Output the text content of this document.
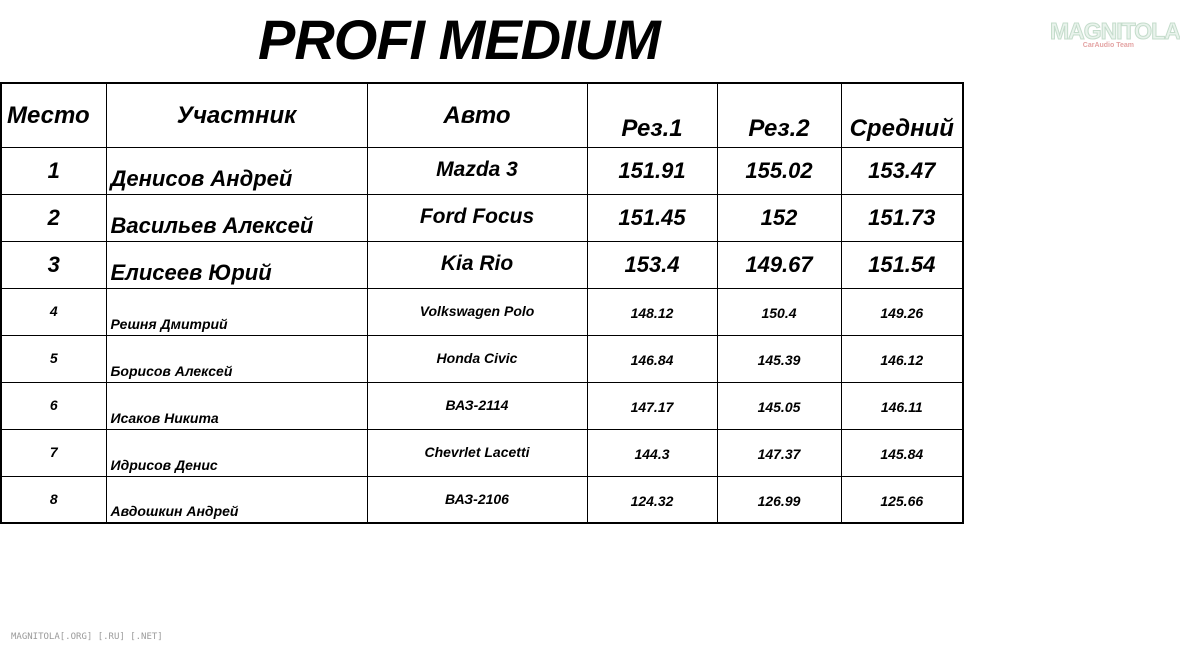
PROFI MEDIUM	MAGNITOLA
CarAudio Team
Место	Участник	Авто	Рез.1	Рез.2	Средний
1	Денисов Андрей	Mazda 3	151.91	155.02	153.47
2	Васильев Алексей	Ford Focus	151.45	152	151.73
3	Елисеев Юрий	Kia Rio	153.4	149.67	151.54
4	Решня Дмитрий	Volkswagen Polo	148.12	150.4	149.26
5	Борисов Алексей	Honda Civic	146.84	145.39	146.12
6	Исаков Никита	ВАЗ-2114	147.17	145.05	146.11
7	Идрисов Денис	Chevrlet Lacetti	144.3	147.37	145.84
8	Авдошкин Андрей	ВАЗ-2106	124.32	126.99	125.66
MAGNITOLA[.ORG] [.RU] [.NET]
